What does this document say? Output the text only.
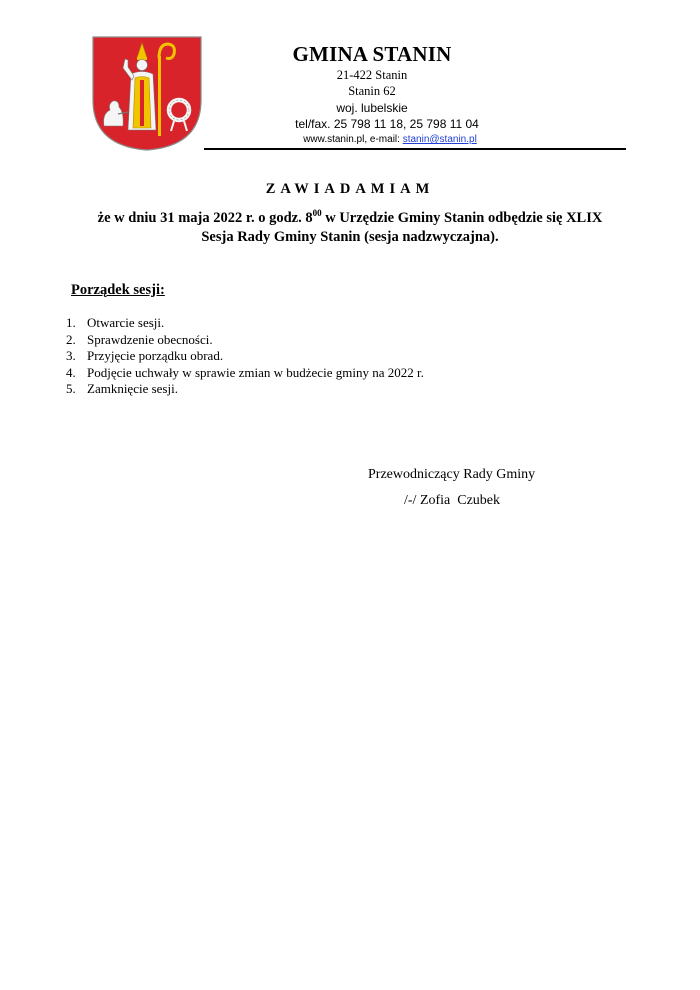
GMINA STANIN
21-422 Stanin
Stanin 62
woj. lubelskie
tel/fax. 25 798 11 18, 25 798 11 04
www.stanin.pl, e-mail: stanin@stanin.pl
ZAWIADAMIAM

że w dniu 31 maja 2022 r. o godz. $8^{00}$ w Urzędzie Gminy Stanin odbędzie się XLIX
Sesja Rady Gminy Stanin (sesja nadzwyczajna).

Porządek sesji:
1. Otwarcie sesji.
2. Sprawdzenie obecności.
3. Przyjęcie porządku obrad.
4. Podjęcie uchwały w sprawie zmian w budżecie gminy na 2022 r.
5. Zamknięcie sesji.

Przewodniczący Rady Gminy

/-/ Zofia  Czubek
